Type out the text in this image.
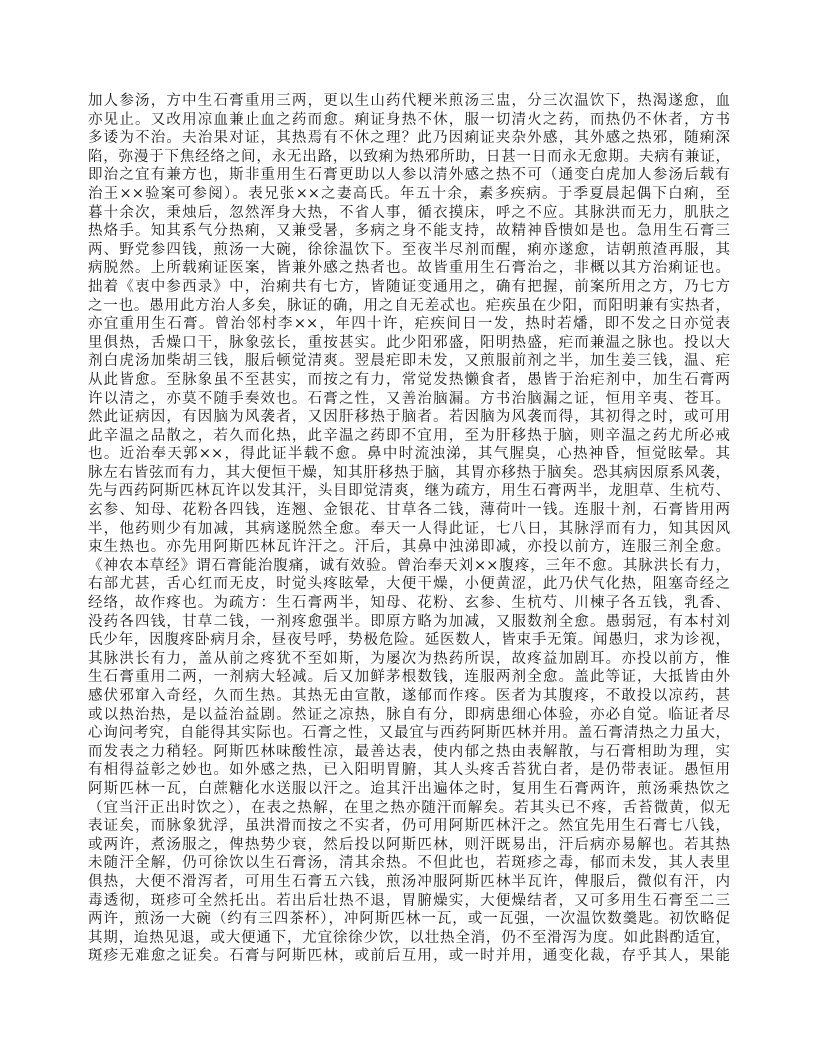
加人参汤，方中生石膏重用三两，更以生山药代粳米煎汤三盅，分三次温饮下，热渴遂愈，血
亦见止。又改用凉血兼止血之药而愈。痢证身热不休，服一切清火之药，而热仍不休者，方书
多诿为不治。夫治果对证，其热焉有不休之理？此乃因痢证夹杂外感，其外感之热邪，随痢深
陷，弥漫于下焦经络之间，永无出路，以致痢为热邪所助，日甚一日而永无愈期。夫病有兼证，
即治之宜有兼方也，斯非重用生石膏更助以人参以清外感之热不可（通变白虎加人参汤后载有
治王××验案可参阅）。表兄张××之妻高氏。年五十余，素多疾病。于季夏晨起偶下白痢，至
暮十余次，秉烛后，忽然浑身大热，不省人事，循衣摸床，呼之不应。其脉洪而无力，肌肤之
热烙手。知其系气分热痢，又兼受暑，多病之身不能支持，故精神昏愦如是也。急用生石膏三
两、野党参四钱，煎汤一大碗，徐徐温饮下。至夜半尽剂而醒，痢亦遂愈，诘朝煎渣再服，其
病脱然。上所载痢证医案，皆兼外感之热者也。故皆重用生石膏治之，非概以其方治痢证也。
拙着《衷中参西录》中，治痢共有七方，皆随证变通用之，确有把握，前案所用之方，乃七方
之一也。愚用此方治人多矣，脉证的确，用之自无差忒也。疟疾虽在少阳，而阳明兼有实热者，
亦宜重用生石膏。曾治邻村李××，年四十许，疟疾间日一发，热时若燔，即不发之日亦觉表
里俱热，舌燥口干，脉象弦长，重按甚实。此少阳邪盛，阳明热盛，疟而兼温之脉也。投以大
剂白虎汤加柴胡三钱，服后顿觉清爽。翌晨疟即未发，又煎服前剂之半，加生姜三钱，温、疟
从此皆愈。至脉象虽不至甚实，而按之有力，常觉发热懒食者，愚皆于治疟剂中，加生石膏两
许以清之，亦莫不随手奏效也。石膏之性，又善治脑漏。方书治脑漏之证，恒用辛夷、苍耳。
然此证病因，有因脑为风袭者，又因肝移热于脑者。若因脑为风袭而得，其初得之时，或可用
此辛温之品散之，若久而化热，此辛温之药即不宜用，至为肝移热于脑，则辛温之药尤所必戒
也。近治奉天郭××，得此证半载不愈。鼻中时流浊涕，其气腥臭，心热神昏，恒觉眩晕。其
脉左右皆弦而有力，其大便恒干燥，知其肝移热于脑，其胃亦移热于脑矣。恐其病因原系风袭，
先与西药阿斯匹林瓦许以发其汗，头目即觉清爽，继为疏方，用生石膏两半，龙胆草、生杭芍、
玄参、知母、花粉各四钱，连翘、金银花、甘草各二钱，薄荷叶一钱。连服十剂，石膏皆用两
半，他药则少有加减，其病遂脱然全愈。奉天一人得此证，七八日，其脉浮而有力，知其因风
束生热也。亦先用阿斯匹林瓦许汗之。汗后，其鼻中浊涕即减，亦投以前方，连服三剂全愈。
《神农本草经》谓石膏能治腹痛，诚有效验。曾治奉天刘××腹疼，三年不愈。其脉洪长有力，
右部尤甚，舌心红而无皮，时觉头疼眩晕，大便干燥，小便黄涩，此乃伏气化热，阻塞奇经之
经络，故作疼也。为疏方：生石膏两半，知母、花粉、玄参、生杭芍、川楝子各五钱，乳香、
没药各四钱，甘草二钱，一剂疼愈强半。即原方略为加减，又服数剂全愈。愚弱冠，有本村刘
氏少年，因腹疼卧病月余，昼夜号呼，势极危险。延医数人，皆束手无策。闻愚归，求为诊视，
其脉洪长有力，盖从前之疼犹不至如斯，为屡次为热药所误，故疼益加剧耳。亦投以前方，惟
生石膏重用二两，一剂病大轻减。后又加鲜茅根数钱，连服两剂全愈。盖此等证，大抵皆由外
感伏邪窜入奇经，久而生热。其热无由宣散，遂郁而作疼。医者为其腹疼，不敢投以凉药，甚
或以热治热，是以益治益剧。然证之凉热，脉自有分，即病患细心体验，亦必自觉。临证者尽
心询问考究，自能得其实际也。石膏之性，又最宜与西药阿斯匹林并用。盖石膏清热之力虽大，
而发表之力稍轻。阿斯匹林味酸性凉，最善达表，使内郁之热由表解散，与石膏相助为理，实
有相得益彰之妙也。如外感之热，已入阳明胃腑，其人头疼舌苔犹白者，是仍带表证。愚恒用
阿斯匹林一瓦，白蔗糖化水送服以汗之。迨其汗出遍体之时，复用生石膏两许，煎汤乘热饮之
（宜当汗正出时饮之），在表之热解，在里之热亦随汗而解矣。若其头已不疼，舌苔微黄，似无
表证矣，而脉象犹浮，虽洪滑而按之不实者，仍可用阿斯匹林汗之。然宜先用生石膏七八钱，
或两许，煮汤服之，俾热势少衰，然后投以阿斯匹林，则汗既易出，汗后病亦易解也。若其热
未随汗全解，仍可徐饮以生石膏汤，清其余热。不但此也，若斑疹之毒，郁而未发，其人表里
俱热，大便不滑泻者，可用生石膏五六钱，煎汤冲服阿斯匹林半瓦许，俾服后，微似有汗，内
毒透彻，斑疹可全然托出。若出后壮热不退，胃腑燥实，大便燥结者，又可多用生石膏至二三
两许，煎汤一大碗（约有三四茶杯），冲阿斯匹林一瓦，或一瓦强，一次温饮数羹匙。初饮略促
其期，迨热见退，或大便通下，尤宜徐徐少饮，以壮热全消，仍不至滑泻为度。如此斟酌适宜，
斑疹无难愈之证矣。石膏与阿斯匹林，或前后互用，或一时并用，通变化裁，存乎其人，果能
